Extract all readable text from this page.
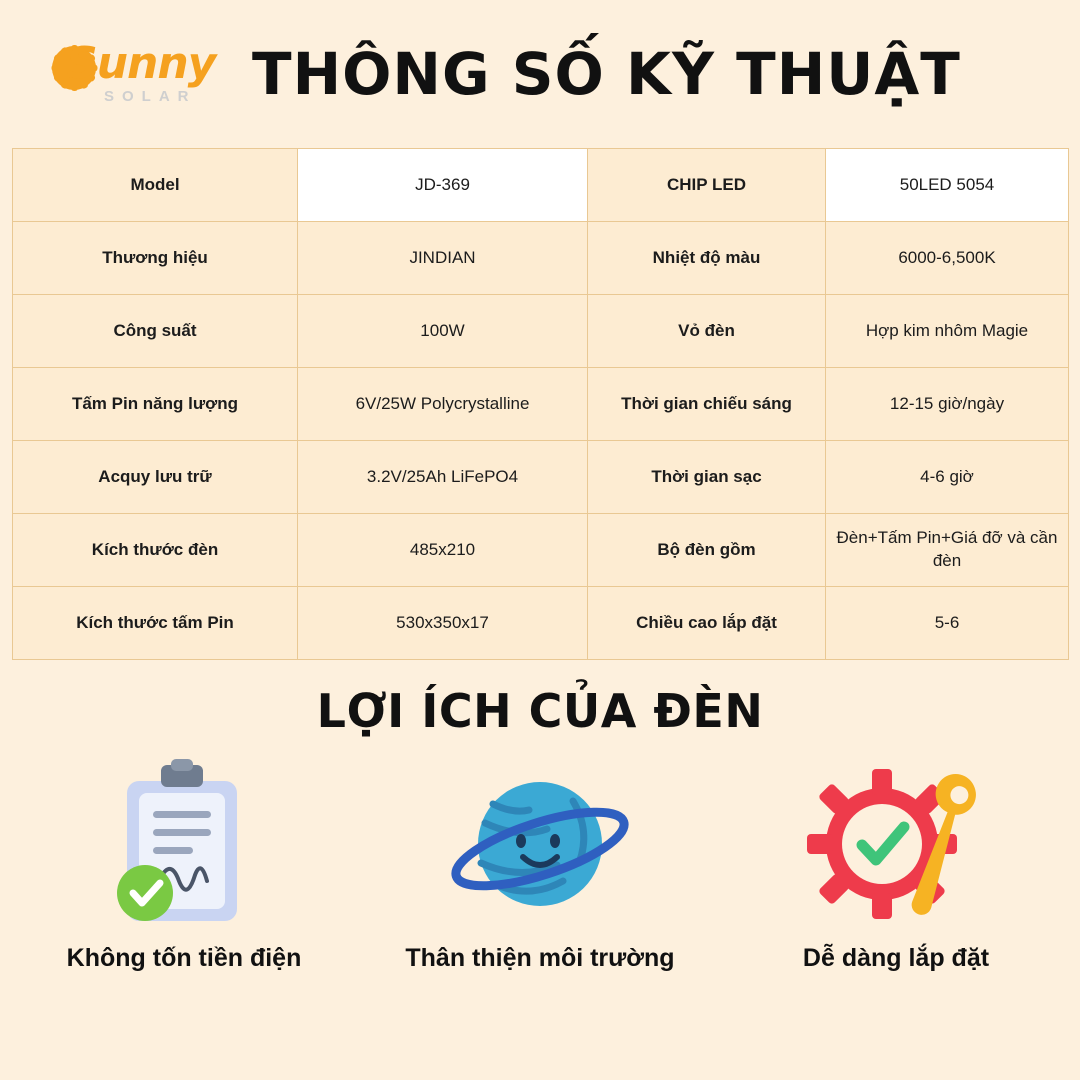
Sunny
SOLAR THÔNG SỐ KỸ THUẬT
Model	JD-369	CHIP LED	50LED 5054
Thương hiệu	JINDIAN	Nhiệt độ màu	6000-6,500K
Công suất	100W	Vỏ đèn	Hợp kim nhôm Magie
Tấm Pin năng lượng	6V/25W Polycrystalline	Thời gian chiếu sáng	12-15 giờ/ngày
Acquy lưu trữ	3.2V/25Ah LiFePO4	Thời gian sạc	4-6 giờ
Kích thước đèn	485x210	Bộ đèn gồm	Đèn+Tấm Pin+Giá đỡ và cần đèn
Kích thước tấm Pin	530x350x17	Chiều cao lắp đặt	5-6
LỢI ÍCH CỦA ĐÈN
Không tốn tiền điện	Thân thiện môi trường	Dễ dàng lắp đặt
